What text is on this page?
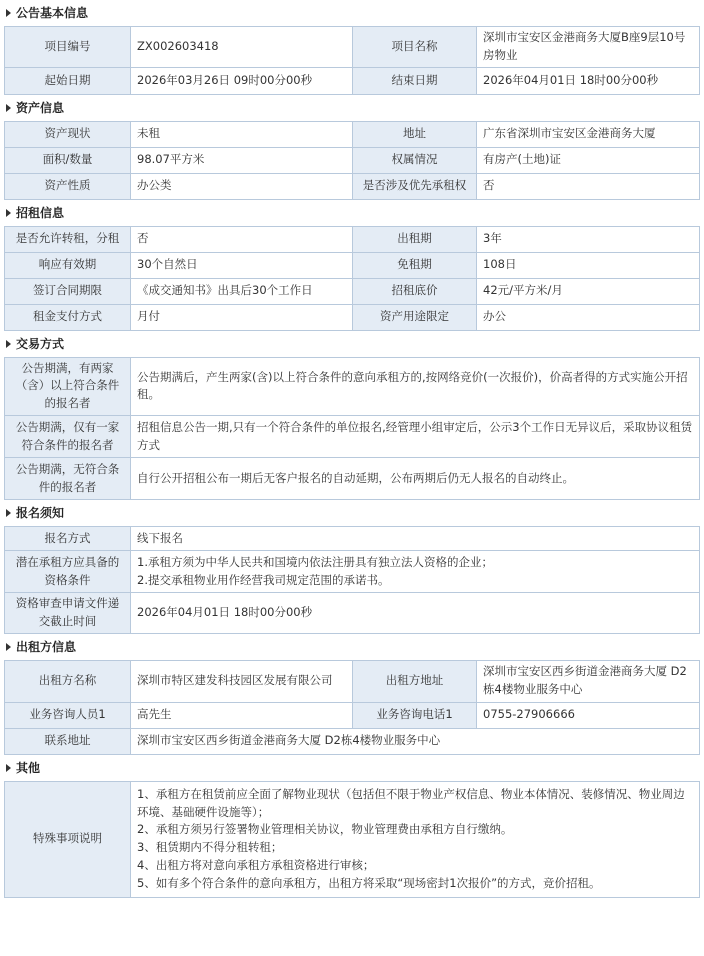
公告基本信息
项目编号	ZX002603418	项目名称	深圳市宝安区金港商务大厦B座9层10号房物业
起始日期	2026年03月26日 09时00分00秒	结束日期	2026年04月01日 18时00分00秒
资产信息
资产现状	未租	地址	广东省深圳市宝安区金港商务大厦
面积/数量	98.07平方米	权属情况	有房产(土地)证
资产性质	办公类	是否涉及优先承租权	否
招租信息
是否允许转租，分租	否	出租期	3年
响应有效期	30个自然日	免租期	108日
签订合同期限	《成交通知书》出具后30个工作日	招租底价	42元/平方米/月
租金支付方式	月付	资产用途限定	办公
交易方式
公告期满，有两家（含）以上符合条件的报名者	公告期满后，产生两家(含)以上符合条件的意向承租方的,按网络竞价(一次报价)，价高者得的方式实施公开招租。
公告期满，仅有一家符合条件的报名者	招租信息公告一期,只有一个符合条件的单位报名,经管理小组审定后，公示3个工作日无异议后，采取协议租赁方式
公告期满，无符合条件的报名者	自行公开招租公布一期后无客户报名的自动延期，公布两期后仍无人报名的自动终止。
报名须知
报名方式	线下报名
潜在承租方应具备的资格条件	1.承租方须为中华人民共和国境内依法注册具有独立法人资格的企业；
2.提交承租物业用作经营我司规定范围的承诺书。
资格审查申请文件递交截止时间	2026年04月01日 18时00分00秒
出租方信息
出租方名称	深圳市特区建发科技园区发展有限公司	出租方地址	深圳市宝安区西乡街道金港商务大厦 D2栋4楼物业服务中心
业务咨询人员1	高先生	业务咨询电话1	0755-27906666
联系地址	深圳市宝安区西乡街道金港商务大厦 D2栋4楼物业服务中心		
其他
特殊事项说明	
1、承租方在租赁前应全面了解物业现状（包括但不限于物业产权信息、物业本体情况、装修情况、物业周边环境、基础硬件设施等）；
2、承租方须另行签署物业管理相关协议，物业管理费由承租方自行缴纳。
3、租赁期内不得分租转租；
4、出租方将对意向承租方承租资格进行审核；
5、如有多个符合条件的意向承租方，出租方将采取“现场密封1次报价”的方式，竞价招租。
